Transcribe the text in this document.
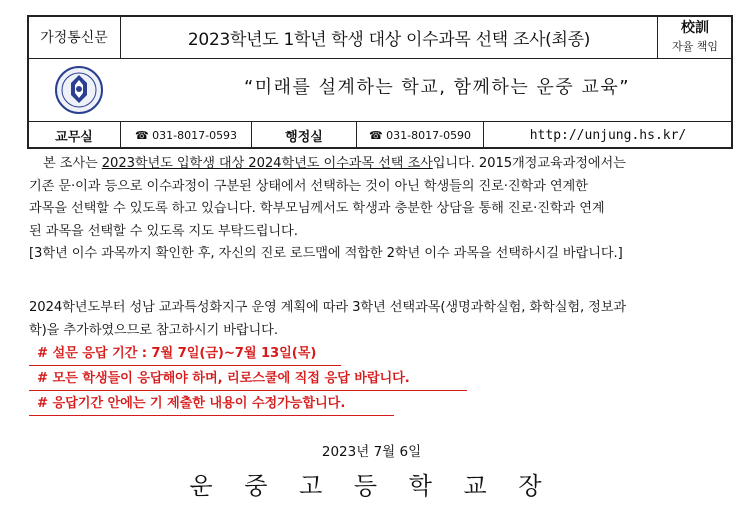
가정통신문	2023학년도 1학년 학생 대상 이수과목 선택 조사(최종)
校訓
자율 책임
“미래를 설계하는 학교, 함께하는 운중 교육”
교무실	☎ 031-8017-0593	행정실	☎ 031-8017-0590	http://unjung.hs.kr/
본 조사는 2023학년도 입학생 대상 2024학년도 이수과목 선택 조사입니다. 2015개정교육과정에서는
기존 문·이과 등으로 이수과정이 구분된 상태에서 선택하는 것이 아닌 학생들의 진로·진학과 연계한
과목을 선택할 수 있도록 하고 있습니다. 학부모님께서도 학생과 충분한 상담을 통해 진로·진학과 연계
된 과목을 선택할 수 있도록 지도 부탁드립니다.
[3학년 이수 과목까지 확인한 후, 자신의 진로 로드맵에 적합한 2학년 이수 과목을 선택하시길 바랍니다.]
2024학년도부터 성남 교과특성화지구 운영 계획에 따라 3학년 선택과목(생명과학실험, 화학실험, 정보과
학)을 추가하였으므로 참고하시기 바랍니다.
# 설문 응답 기간 : 7월 7일(금)~7월 13일(목)
# 모든 학생들이 응답해야 하며, 리로스쿨에 직접 응답 바랍니다.
# 응답기간 안에는 기 제출한 내용이 수정가능합니다.
2023년 7월 6일
운 중 고 등 학 교 장
